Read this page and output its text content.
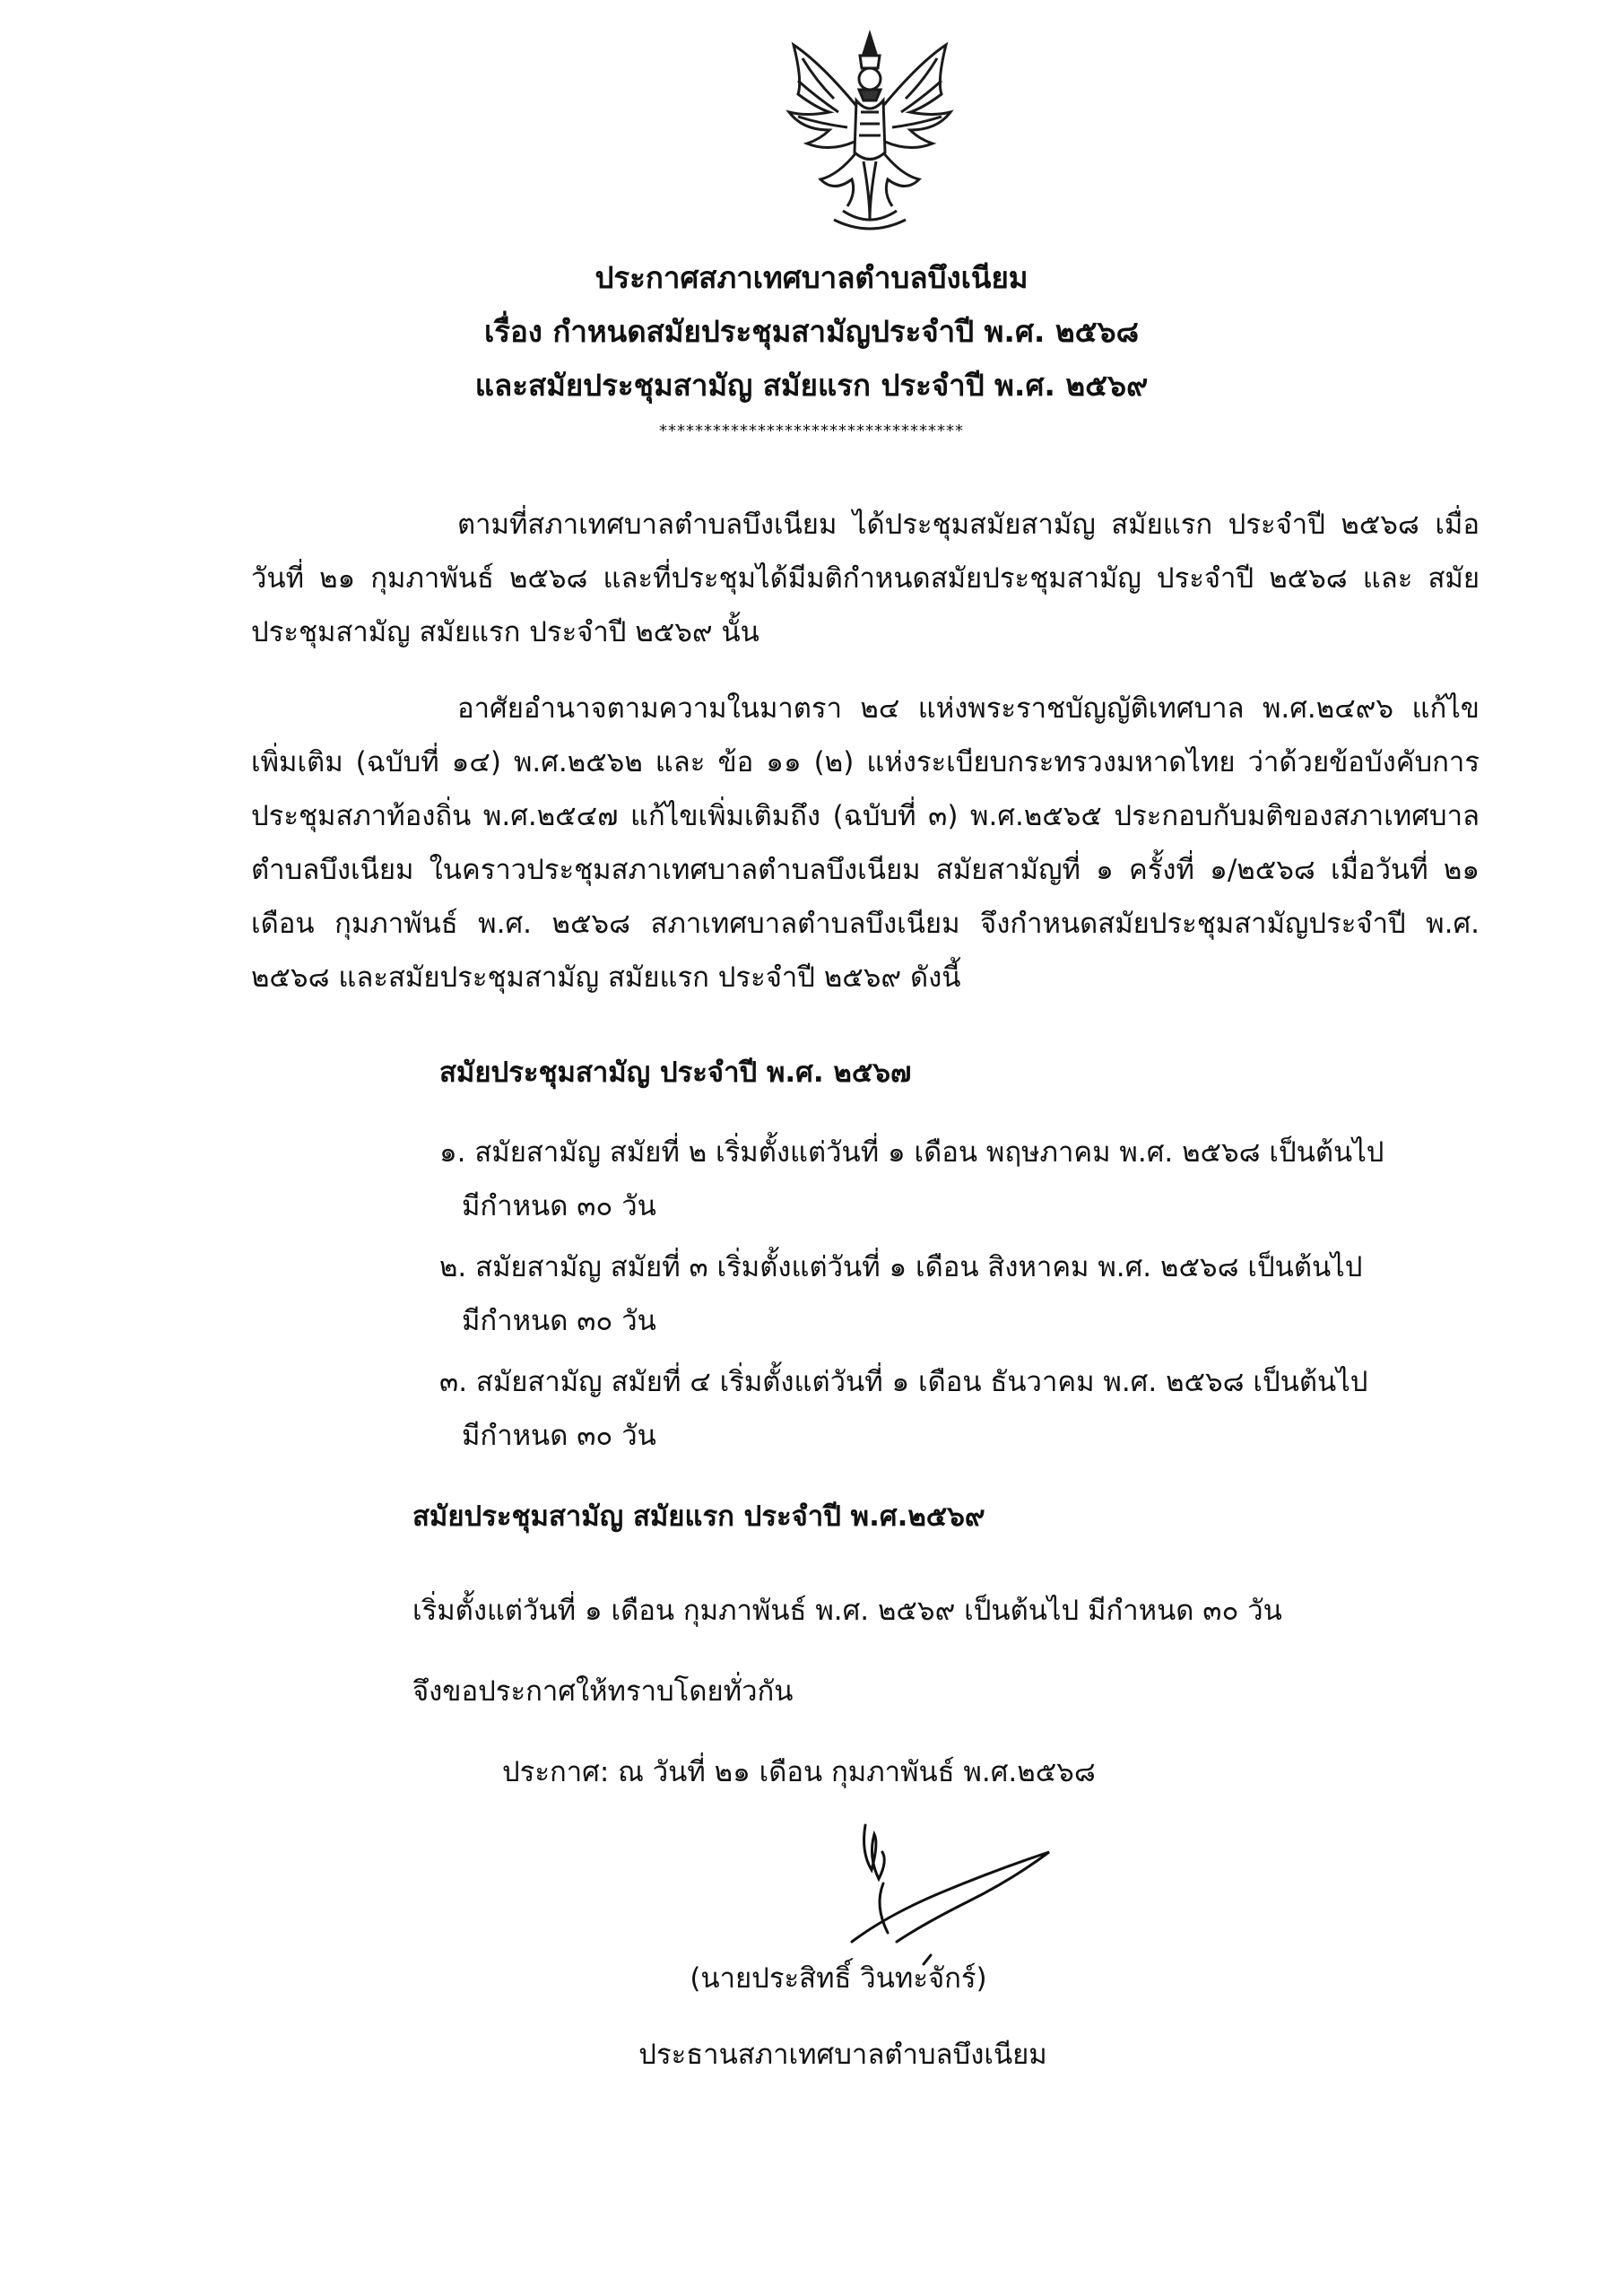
ประกาศสภาเทศบาลตำบลบึงเนียม
เรื่อง กำหนดสมัยประชุมสามัญประจำปี พ.ศ. ๒๕๖๘
และสมัยประชุมสามัญ สมัยแรก ประจำปี พ.ศ. ๒๕๖๙
**********************************
ตามที่สภาเทศบาลตำบลบึงเนียม ได้ประชุมสมัยสามัญ สมัยแรก ประจำปี ๒๕๖๘ เมื่อวันที่ ๒๑ กุมภาพันธ์ ๒๕๖๘ และที่ประชุมได้มีมติกำหนดสมัยประชุมสามัญ ประจำปี ๒๕๖๘ และ สมัยประชุมสามัญ สมัยแรก ประจำปี ๒๕๖๙ นั้น
อาศัยอำนาจตามความในมาตรา ๒๔ แห่งพระราชบัญญัติเทศบาล พ.ศ.๒๔๙๖ แก้ไขเพิ่มเติม (ฉบับที่ ๑๔) พ.ศ.๒๕๖๒ และ ข้อ ๑๑ (๒) แห่งระเบียบกระทรวงมหาดไทย ว่าด้วยข้อบังคับการประชุมสภาท้องถิ่น พ.ศ.๒๕๔๗ แก้ไขเพิ่มเติมถึง (ฉบับที่ ๓) พ.ศ.๒๕๖๕ ประกอบกับมติของสภาเทศบาลตำบลบึงเนียม ในคราวประชุมสภาเทศบาลตำบลบึงเนียม สมัยสามัญที่ ๑ ครั้งที่ ๑/๒๕๖๘ เมื่อวันที่ ๒๑ เดือน กุมภาพันธ์ พ.ศ. ๒๕๖๘ สภาเทศบาลตำบลบึงเนียม จึงกำหนดสมัยประชุมสามัญประจำปี พ.ศ. ๒๕๖๘ และสมัยประชุมสามัญ สมัยแรก ประจำปี ๒๕๖๙ ดังนี้
สมัยประชุมสามัญ ประจำปี พ.ศ. ๒๕๖๗
๑. สมัยสามัญ สมัยที่ ๒ เริ่มตั้งแต่วันที่ ๑ เดือน พฤษภาคม พ.ศ. ๒๕๖๘ เป็นต้นไป
มีกำหนด ๓๐ วัน
๒. สมัยสามัญ สมัยที่ ๓ เริ่มตั้งแต่วันที่ ๑ เดือน สิงหาคม พ.ศ. ๒๕๖๘ เป็นต้นไป
มีกำหนด ๓๐ วัน
๓. สมัยสามัญ สมัยที่ ๔ เริ่มตั้งแต่วันที่ ๑ เดือน ธันวาคม พ.ศ. ๒๕๖๘ เป็นต้นไป
มีกำหนด ๓๐ วัน
สมัยประชุมสามัญ สมัยแรก ประจำปี พ.ศ.๒๕๖๙
เริ่มตั้งแต่วันที่ ๑ เดือน กุมภาพันธ์ พ.ศ. ๒๕๖๙ เป็นต้นไป มีกำหนด ๓๐ วัน
จึงขอประกาศให้ทราบโดยทั่วกัน
ประกาศ: ณ วันที่ ๒๑ เดือน กุมภาพันธ์ พ.ศ.๒๕๖๘
(นายประสิทธิ์ วินทะจักร์)
ประธานสภาเทศบาลตำบลบึงเนียม
